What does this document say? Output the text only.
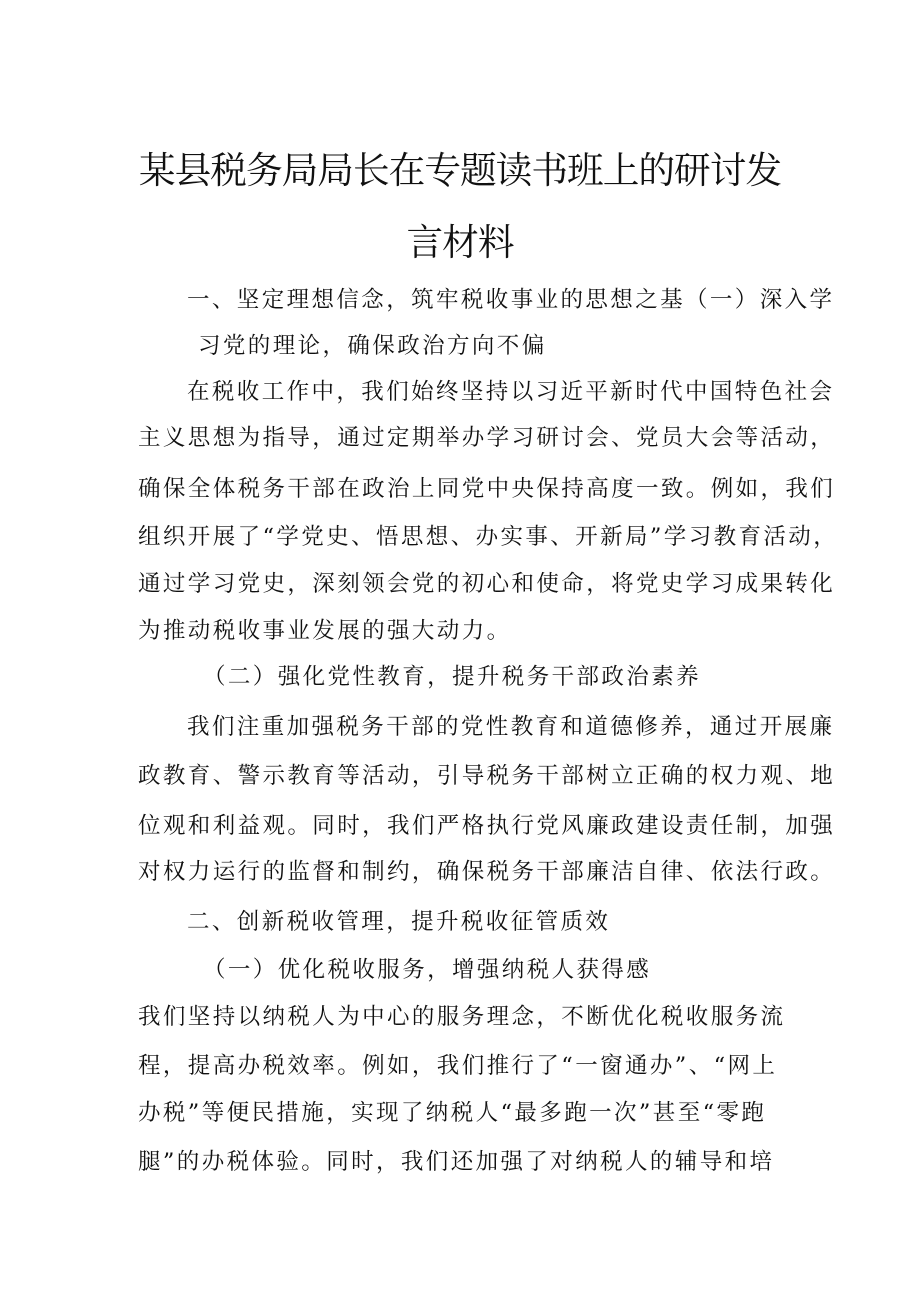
某县税务局局长在专题读书班上的研讨发
言材料
一、坚定理想信念，筑牢税收事业的思想之基（一）深入学
习党的理论，确保政治方向不偏
在税收工作中，我们始终坚持以习近平新时代中国特色社会
主义思想为指导，通过定期举办学习研讨会、党员大会等活动，
确保全体税务干部在政治上同党中央保持高度一致。例如，我们
组织开展了“学党史、悟思想、办实事、开新局”学习教育活动，
通过学习党史，深刻领会党的初心和使命，将党史学习成果转化
为推动税收事业发展的强大动力。
（二）强化党性教育，提升税务干部政治素养
我们注重加强税务干部的党性教育和道德修养，通过开展廉
政教育、警示教育等活动，引导税务干部树立正确的权力观、地
位观和利益观。同时，我们严格执行党风廉政建设责任制，加强
对权力运行的监督和制约，确保税务干部廉洁自律、依法行政。
二、创新税收管理，提升税收征管质效
（一）优化税收服务，增强纳税人获得感
我们坚持以纳税人为中心的服务理念，不断优化税收服务流
程，提高办税效率。例如，我们推行了“一窗通办”、“网上
办税”等便民措施，实现了纳税人“最多跑一次”甚至“零跑
腿”的办税体验。同时，我们还加强了对纳税人的辅导和培
